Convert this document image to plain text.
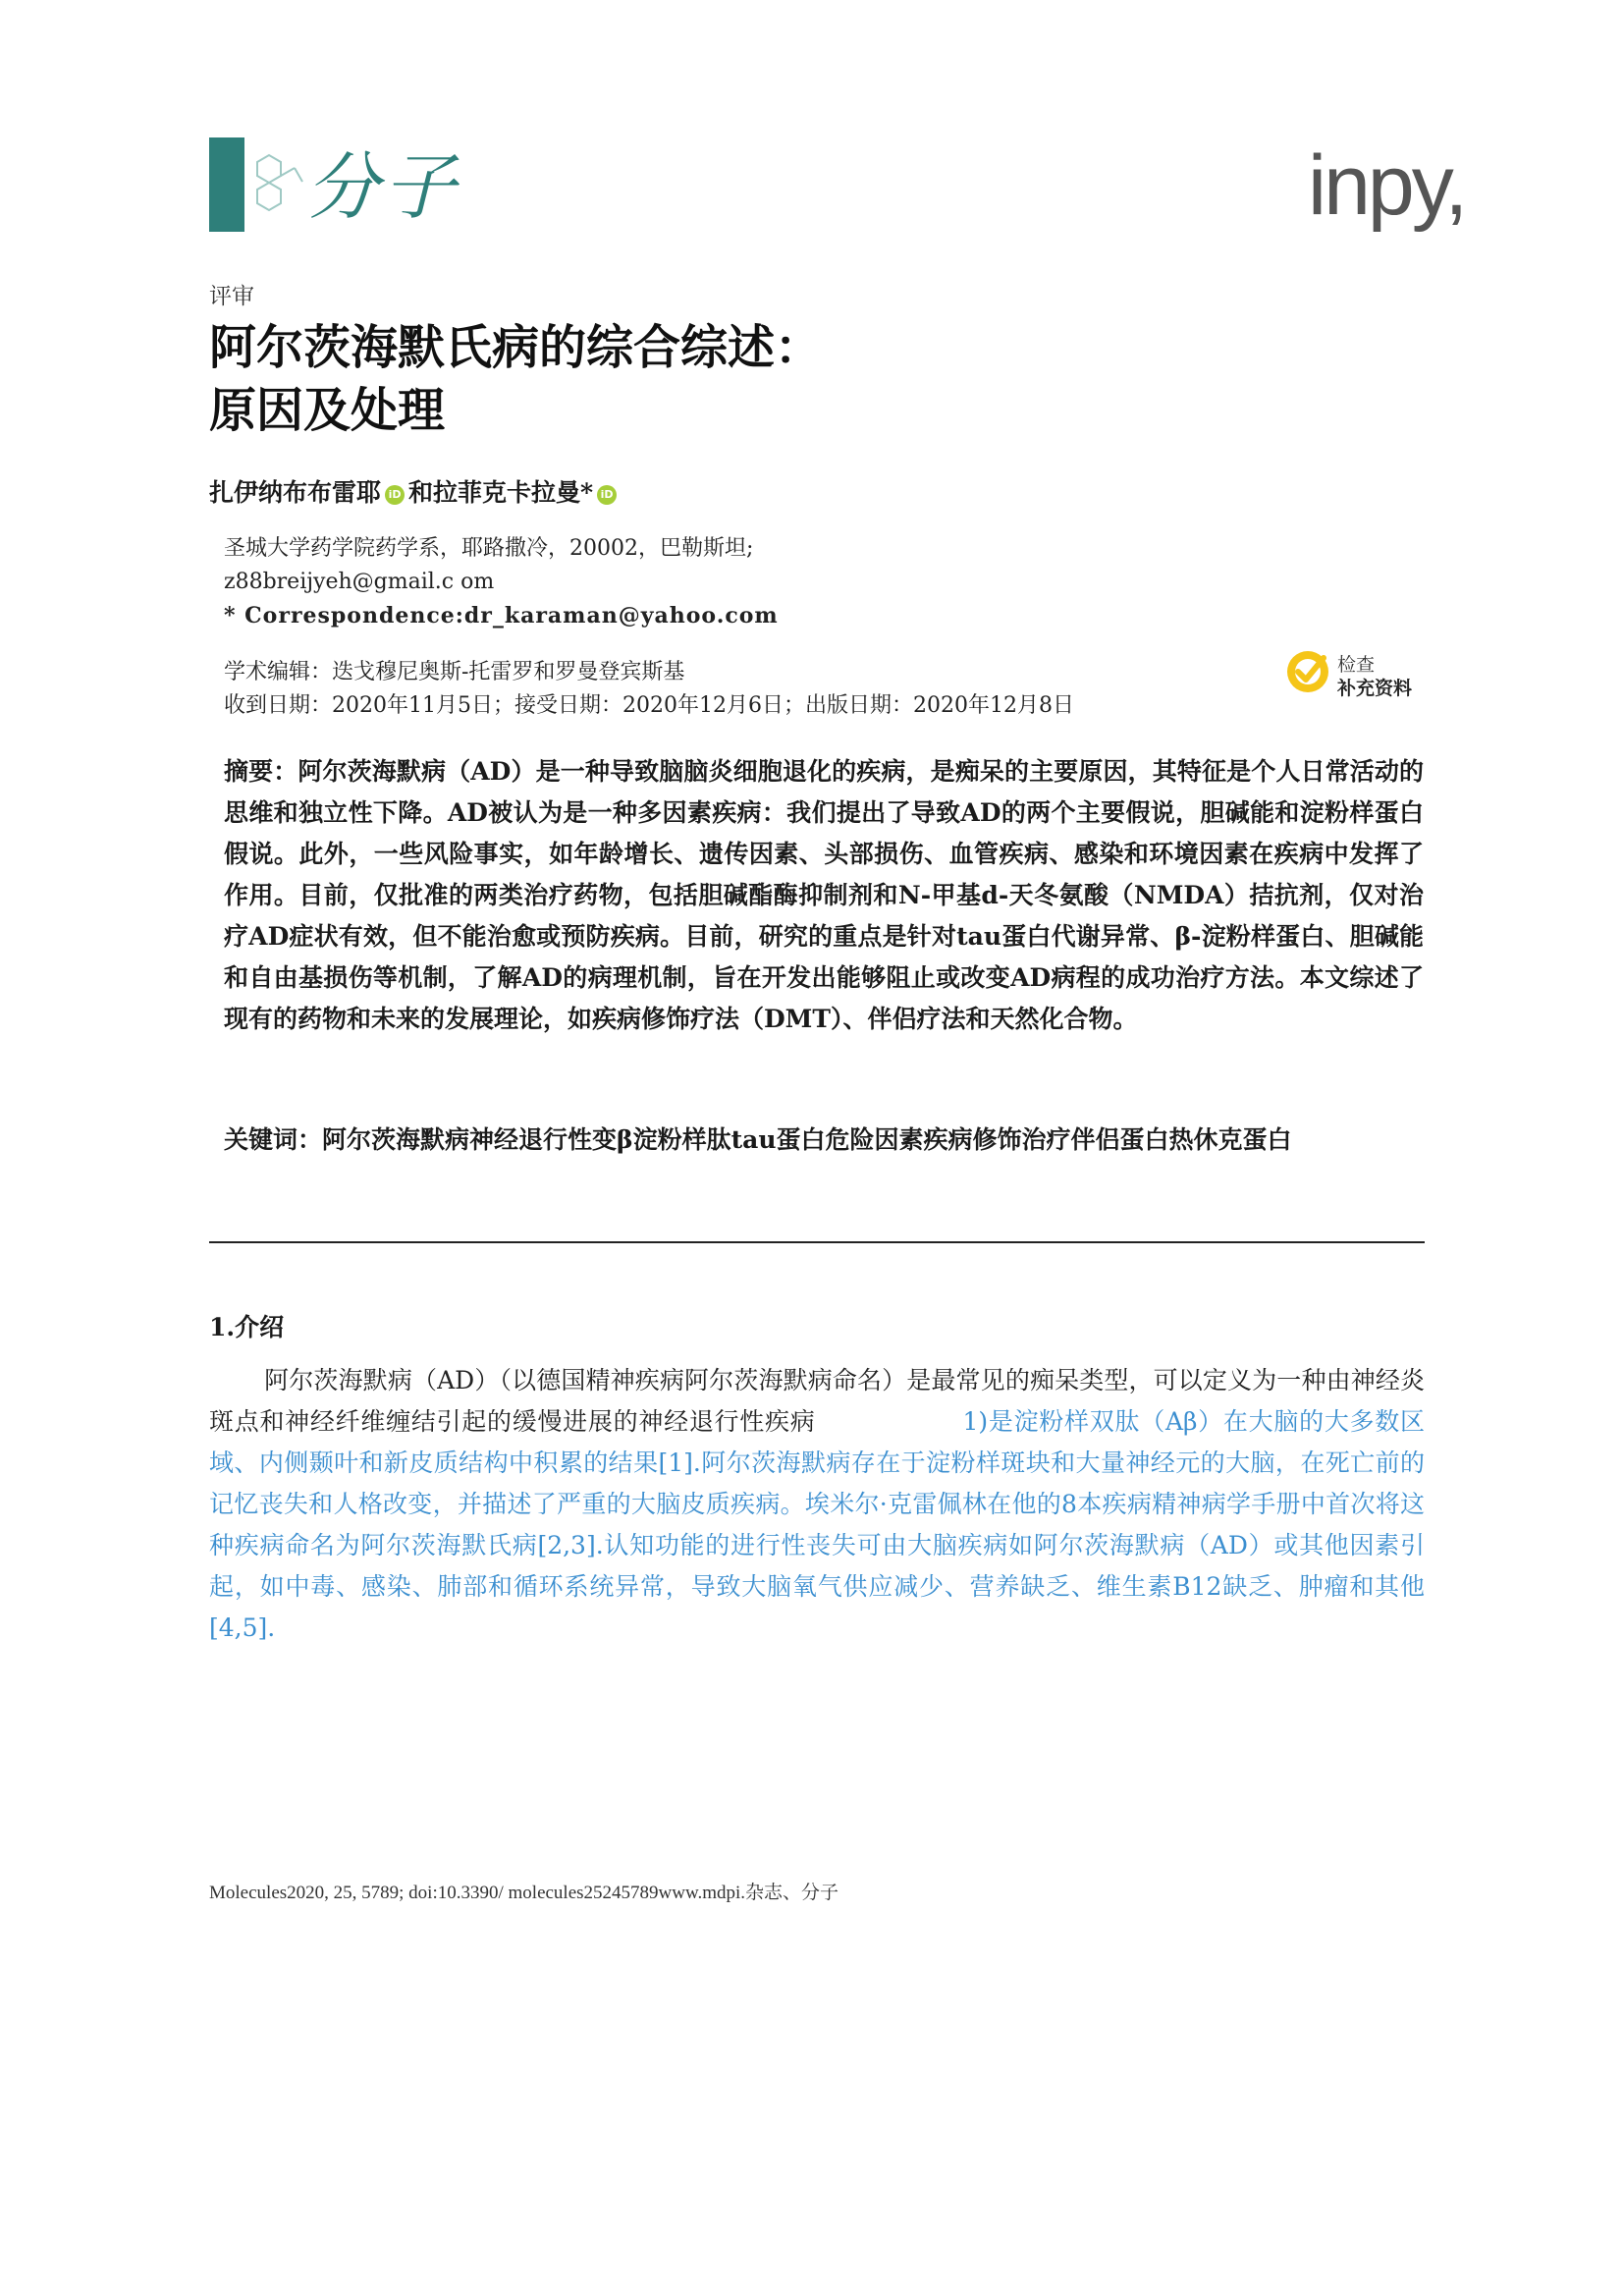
分子	inpy,
评审
阿尔茨海默氏病的综合综述：
原因及处理
扎伊纳布布雷耶 iD 和拉菲克卡拉曼* iD
圣城大学药学院药学系，耶路撒冷，20002，巴勒斯坦;
z88breijyeh@gmail.c om
* Correspondence:dr_karaman@yahoo.com
学术编辑：迭戈穆尼奥斯-托雷罗和罗曼登宾斯基
收到日期：2020年11月5日；接受日期：2020年12月6日；出版日期：2020年12月8日
检查
补充资料

摘要：阿尔茨海默病（AD）是一种导致脑脑炎细胞退化的疾病，是痴呆的主要原因，其特征是个人日常活动的思维和独立性下降。AD被认为是一种多因素疾病：我们提出了导致AD的两个主要假说，胆碱能和淀粉样蛋白假说。此外，一些风险事实，如年龄增长、遗传因素、头部损伤、血管疾病、感染和环境因素在疾病中发挥了作用。目前，仅批准的两类治疗药物，包括胆碱酯酶抑制剂和N-甲基d-天冬氨酸（NMDA）拮抗剂，仅对治疗AD症状有效，但不能治愈或预防疾病。目前，研究的重点是针对tau蛋白代谢异常、β-淀粉样蛋白、胆碱能和自由基损伤等机制，了解AD的病理机制，旨在开发出能够阻止或改变AD病程的成功治疗方法。本文综述了现有的药物和未来的发展理论，如疾病修饰疗法（DMT）、伴侣疗法和天然化合物。

关键词：阿尔茨海默病神经退行性变β淀粉样肽tau蛋白危险因素疾病修饰治疗伴侣蛋白热休克蛋白

1.介绍

阿尔茨海默病（AD）（以德国精神疾病阿尔茨海默病命名）是最常见的痴呆类型，可以定义为一种由神经炎斑点和神经纤维缠结引起的缓慢进展的神经退行性疾病	1)是淀粉样双肽（Aβ）在大脑的大多数区域、内侧颞叶和新皮质结构中积累的结果[1].阿尔茨海默病存在于淀粉样斑块和大量神经元的大脑，在死亡前的记忆丧失和人格改变，并描述了严重的大脑皮质疾病。埃米尔·克雷佩林在他的8本疾病精神病学手册中首次将这种疾病命名为阿尔茨海默氏病[2,3].认知功能的进行性丧失可由大脑疾病如阿尔茨海默病（AD）或其他因素引起，如中毒、感染、肺部和循环系统异常，导致大脑氧气供应减少、营养缺乏、维生素B12缺乏、肿瘤和其他[4,5].

Molecules2020, 25, 5789; doi:10.3390/ molecules25245789www.mdpi.杂志、分子
